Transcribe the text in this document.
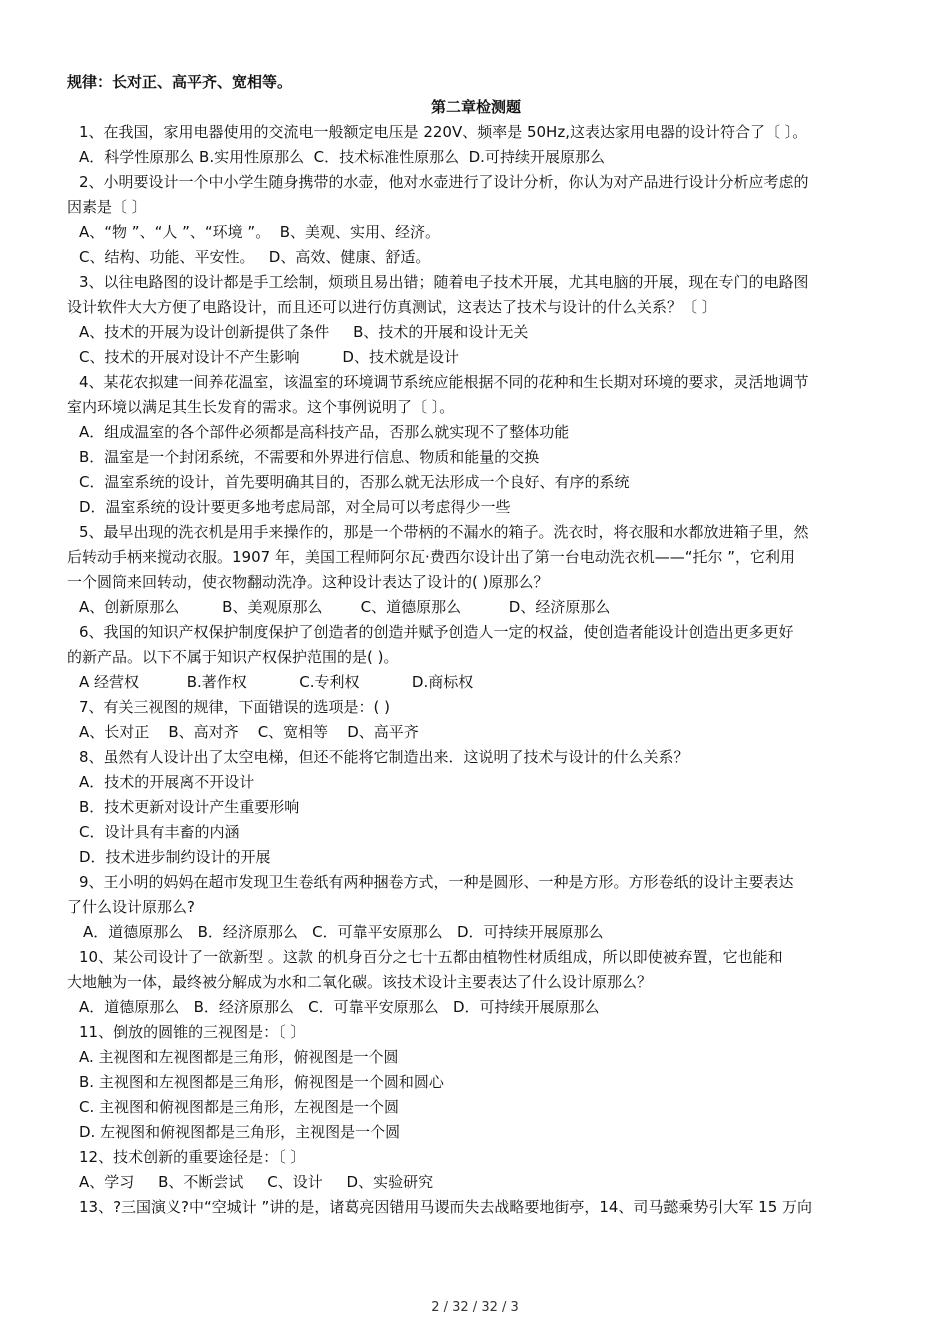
规律：长对正、高平齐、宽相等。
第二章检测题
1、在我国，家用电器使用的交流电一般额定电压是 220V、频率是 50Hz,这表达家用电器的设计符合了〔 〕。
A．科学性原那么 B.实用性原那么  C．技术标准性原那么  D.可持续开展原那么
2、小明要设计一个中小学生随身携带的水壶，他对水壶进行了设计分析，你认为对产品进行设计分析应考虑的
因素是〔 〕
A、“物 ”、“人 ”、“环境 ”。  B、美观、实用、经济。
C、结构、功能、平安性。   D、高效、健康、舒适。
3、以往电路图的设计都是手工绘制，烦琐且易出错；随着电子技术开展，尤其电脑的开展，现在专门的电路图
设计软件大大方便了电路设计，而且还可以进行仿真测试，这表达了技术与设计的什么关系？〔 〕
A、技术的开展为设计创新提供了条件     B、技术的开展和设计无关
C、技术的开展对设计不产生影响         D、技术就是设计
4、某花农拟建一间养花温室，该温室的环境调节系统应能根据不同的花种和生长期对环境的要求，灵活地调节
室内环境以满足其生长发育的需求。这个事例说明了〔 〕。
A．组成温室的各个部件必须都是高科技产品，否那么就实现不了整体功能
B．温室是一个封闭系统，不需要和外界进行信息、物质和能量的交换
C．温室系统的设计，首先要明确其目的，否那么就无法形成一个良好、有序的系统
D．温室系统的设计要更多地考虑局部，对全局可以考虑得少一些
5、最早出现的洗衣机是用手来操作的，那是一个带柄的不漏水的箱子。洗衣时，将衣服和水都放进箱子里，然
后转动手柄来搅动衣服。1907 年，美国工程师阿尔瓦·费西尔设计出了第一台电动洗衣机——“托尔 ”，它利用
一个圆筒来回转动，使衣物翻动洗净。这种设计表达了设计的( )原那么？
A、创新原那么         B、美观原那么        C、道德原那么          D、经济原那么
6、我国的知识产权保护制度保护了创造者的创造并赋予创造人一定的权益，使创造者能设计创造出更多更好
的新产品。以下不属于知识产权保护范围的是( )。
A 经营权          B.著作权           C.专利权           D.商标权
7、有关三视图的规律，下面错误的选项是：( )
A、长对正    B、高对齐    C、宽相等    D、高平齐
8、虽然有人设计出了太空电梯，但还不能将它制造出来．这说明了技术与设计的什么关系？
A．技术的开展离不开设计
B．技术更新对设计产生重要形响
C．设计具有丰畜的内涵
D．技术进步制约设计的开展
9、王小明的妈妈在超市发现卫生卷纸有两种捆卷方式，一种是圆形、一种是方形。方形卷纸的设计主要表达
了什么设计原那么?
A．道德原那么   B．经济原那么   C．可靠平安原那么   D．可持续开展原那么
10、某公司设计了一欲新型 。这款 的机身百分之七十五都由植物性材质组成，所以即使被弃置，它也能和
大地触为一体，最终被分解成为水和二氧化碳。该技术设计主要表达了什么设计原那么？
A．道德原那么   B．经济原那么   C．可靠平安原那么   D．可持续开展原那么
11、倒放的圆锥的三视图是：〔 〕
A. 主视图和左视图都是三角形，俯视图是一个圆
B. 主视图和左视图都是三角形，俯视图是一个圆和圆心
C. 主视图和俯视图都是三角形，左视图是一个圆
D. 左视图和俯视图都是三角形，主视图是一个圆
12、技术创新的重要途径是：〔 〕
A、学习     B、不断尝试     C、设计     D、实验研究
13、?三国演义?中“空城计 ”讲的是，诸葛亮因错用马谡而失去战略要地街亭，14、司马懿乘势引大军 15 万向
2 / 32 / 32 / 3
